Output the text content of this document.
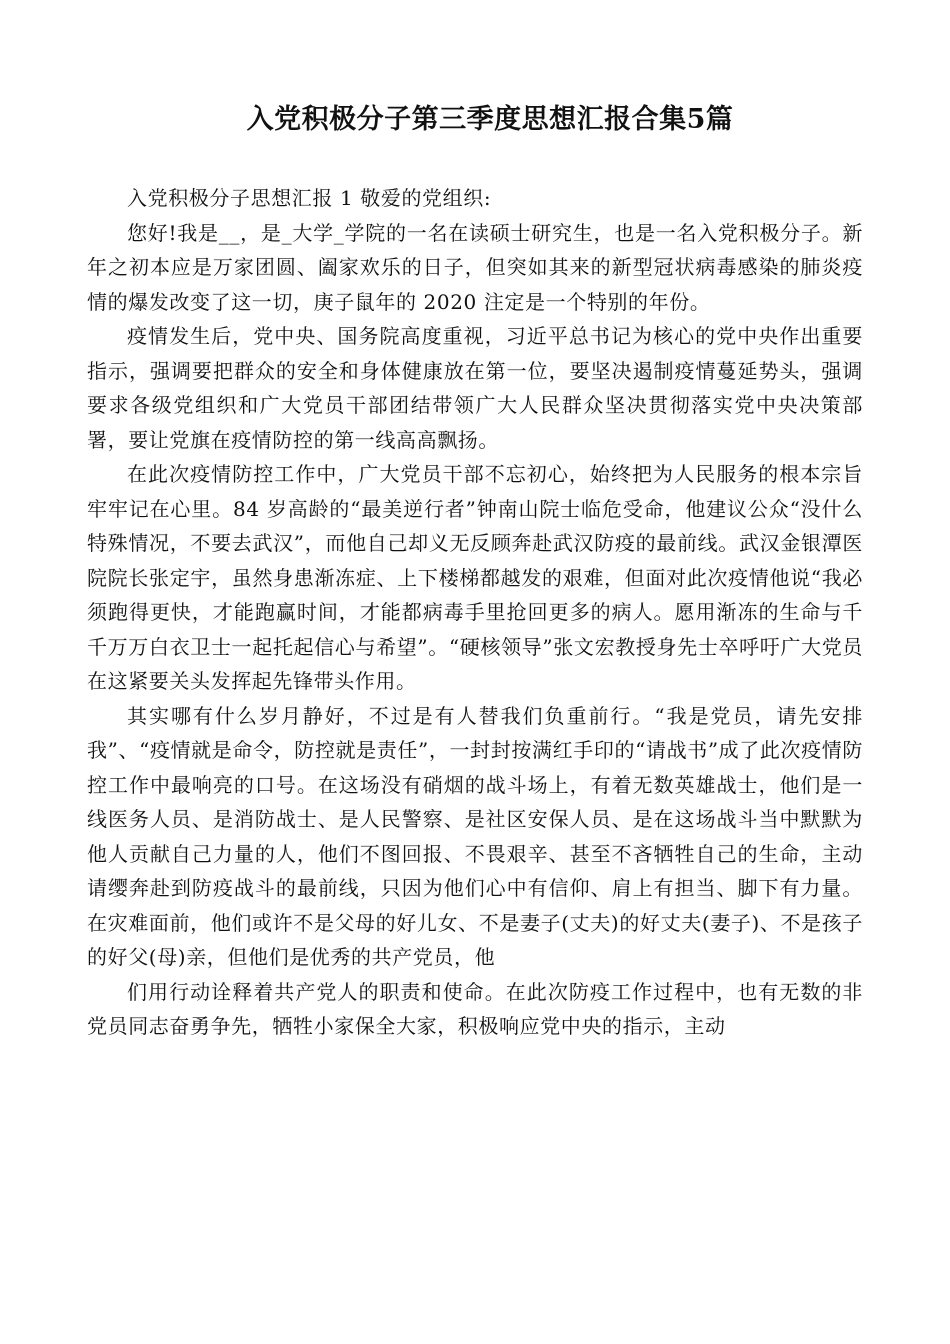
入党积极分子第三季度思想汇报合集5篇

入党积极分子思想汇报 1 敬爱的党组织:

您好!我是__，是_大学_学院的一名在读硕士研究生，也是一名入党积极分子。新年之初本应是万家团圆、阖家欢乐的日子，但突如其来的新型冠状病毒感染的肺炎疫情的爆发改变了这一切，庚子鼠年的 2020 注定是一个特别的年份。

疫情发生后，党中央、国务院高度重视，习近平总书记为核心的党中央作出重要指示，强调要把群众的安全和身体健康放在第一位，要坚决遏制疫情蔓延势头，强调要求各级党组织和广大党员干部团结带领广大人民群众坚决贯彻落实党中央决策部署，要让党旗在疫情防控的第一线高高飘扬。

在此次疫情防控工作中，广大党员干部不忘初心，始终把为人民服务的根本宗旨牢牢记在心里。84 岁高龄的“最美逆行者”钟南山院士临危受命，他建议公众“没什么特殊情况，不要去武汉”，而他自己却义无反顾奔赴武汉防疫的最前线。武汉金银潭医院院长张定宇，虽然身患渐冻症、上下楼梯都越发的艰难，但面对此次疫情他说“我必须跑得更快，才能跑赢时间，才能都病毒手里抢回更多的病人。愿用渐冻的生命与千千万万白衣卫士一起托起信心与希望”。“硬核领导”张文宏教授身先士卒呼吁广大党员在这紧要关头发挥起先锋带头作用。

其实哪有什么岁月静好，不过是有人替我们负重前行。“我是党员，请先安排我”、“疫情就是命令，防控就是责任”，一封封按满红手印的“请战书”成了此次疫情防控工作中最响亮的口号。在这场没有硝烟的战斗场上，有着无数英雄战士，他们是一线医务人员、是消防战士、是人民警察、是社区安保人员、是在这场战斗当中默默为他人贡献自己力量的人，他们不图回报、不畏艰辛、甚至不吝牺牲自己的生命，主动请缨奔赴到防疫战斗的最前线，只因为他们心中有信仰、肩上有担当、脚下有力量。在灾难面前，他们或许不是父母的好儿女、不是妻子(丈夫)的好丈夫(妻子)、不是孩子的好父(母)亲，但他们是优秀的共产党员，他

们用行动诠释着共产党人的职责和使命。在此次防疫工作过程中，也有无数的非党员同志奋勇争先，牺牲小家保全大家，积极响应党中央的指示，主动
